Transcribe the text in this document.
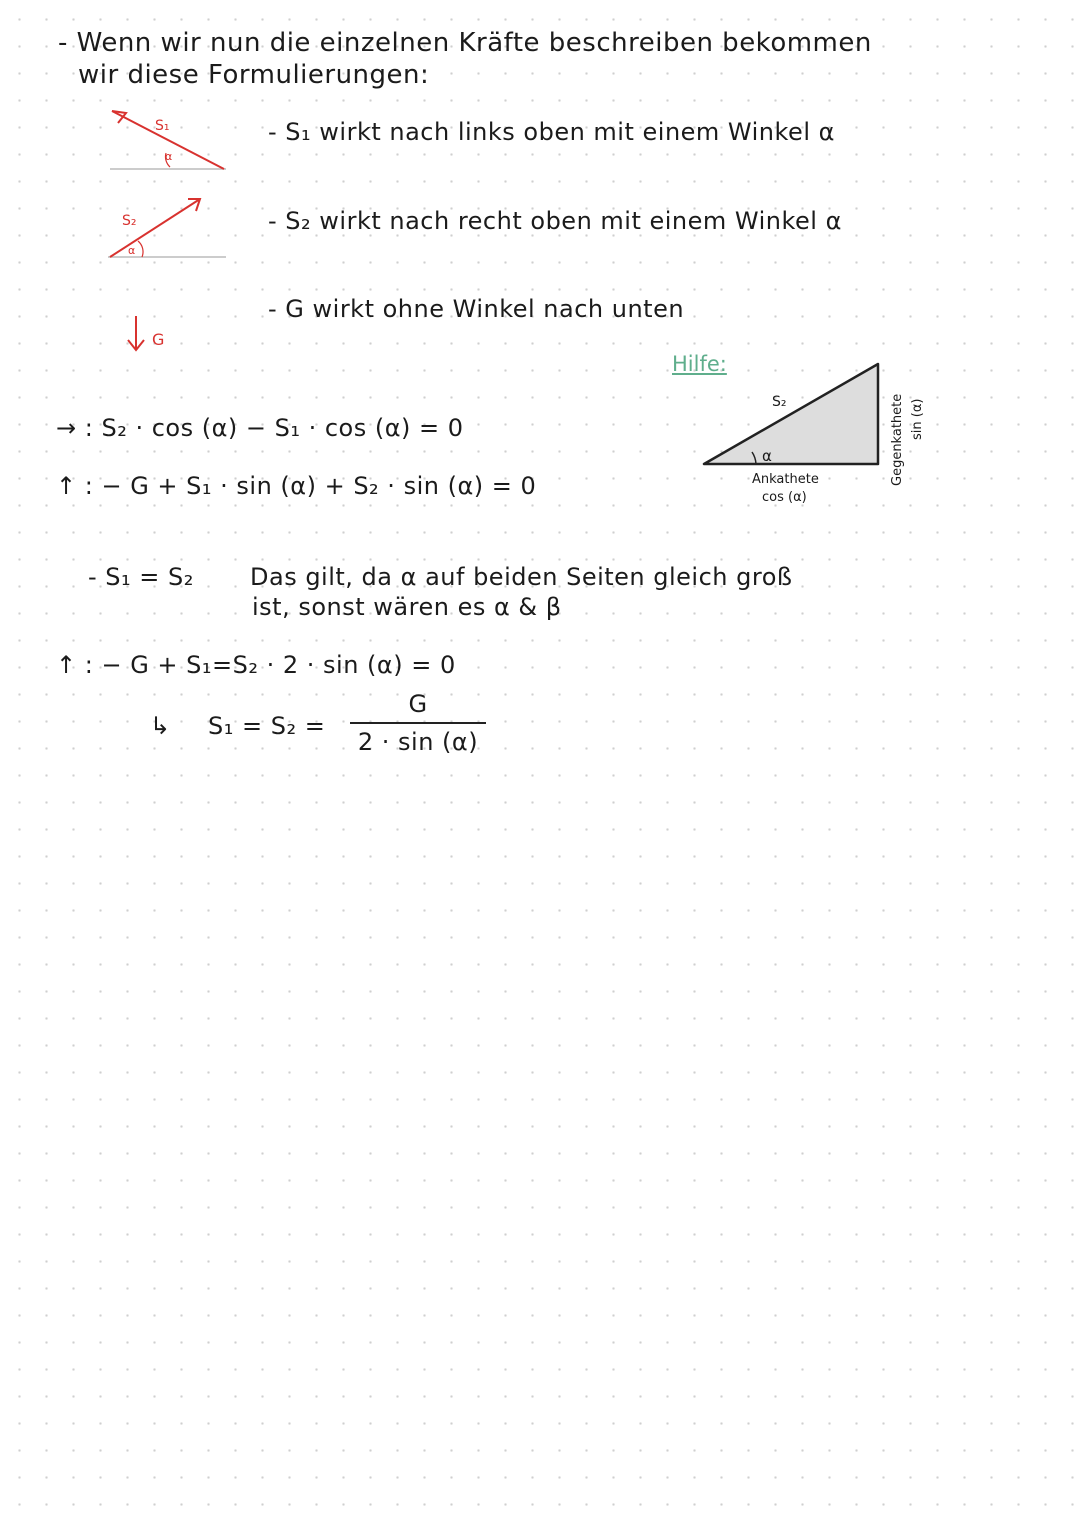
- Wenn wir nun die einzelnen Kräfte beschreiben bekommen
wir diese Formulierungen:
S₁
α
- S₁ wirkt nach links oben mit einem Winkel α
S₂
α
- S₂ wirkt nach recht oben mit einem Winkel α
G
- G wirkt ohne Winkel nach unten
Hilfe:
S₂
α
Ankathete
cos (α)
Gegenkathete sin (α)
→ : S₂ · cos (α) − S₁ · cos (α) = 0
↑ : − G + S₁ · sin (α) + S₂ · sin (α) = 0
- S₁ = S₂ Das gilt, da α auf beiden Seiten gleich groß
ist, sonst wären es α & β
↑ : − G + S₁=S₂ · 2 · sin (α) = 0
↳ S₁ = S₂ =
G
2 · sin (α)
